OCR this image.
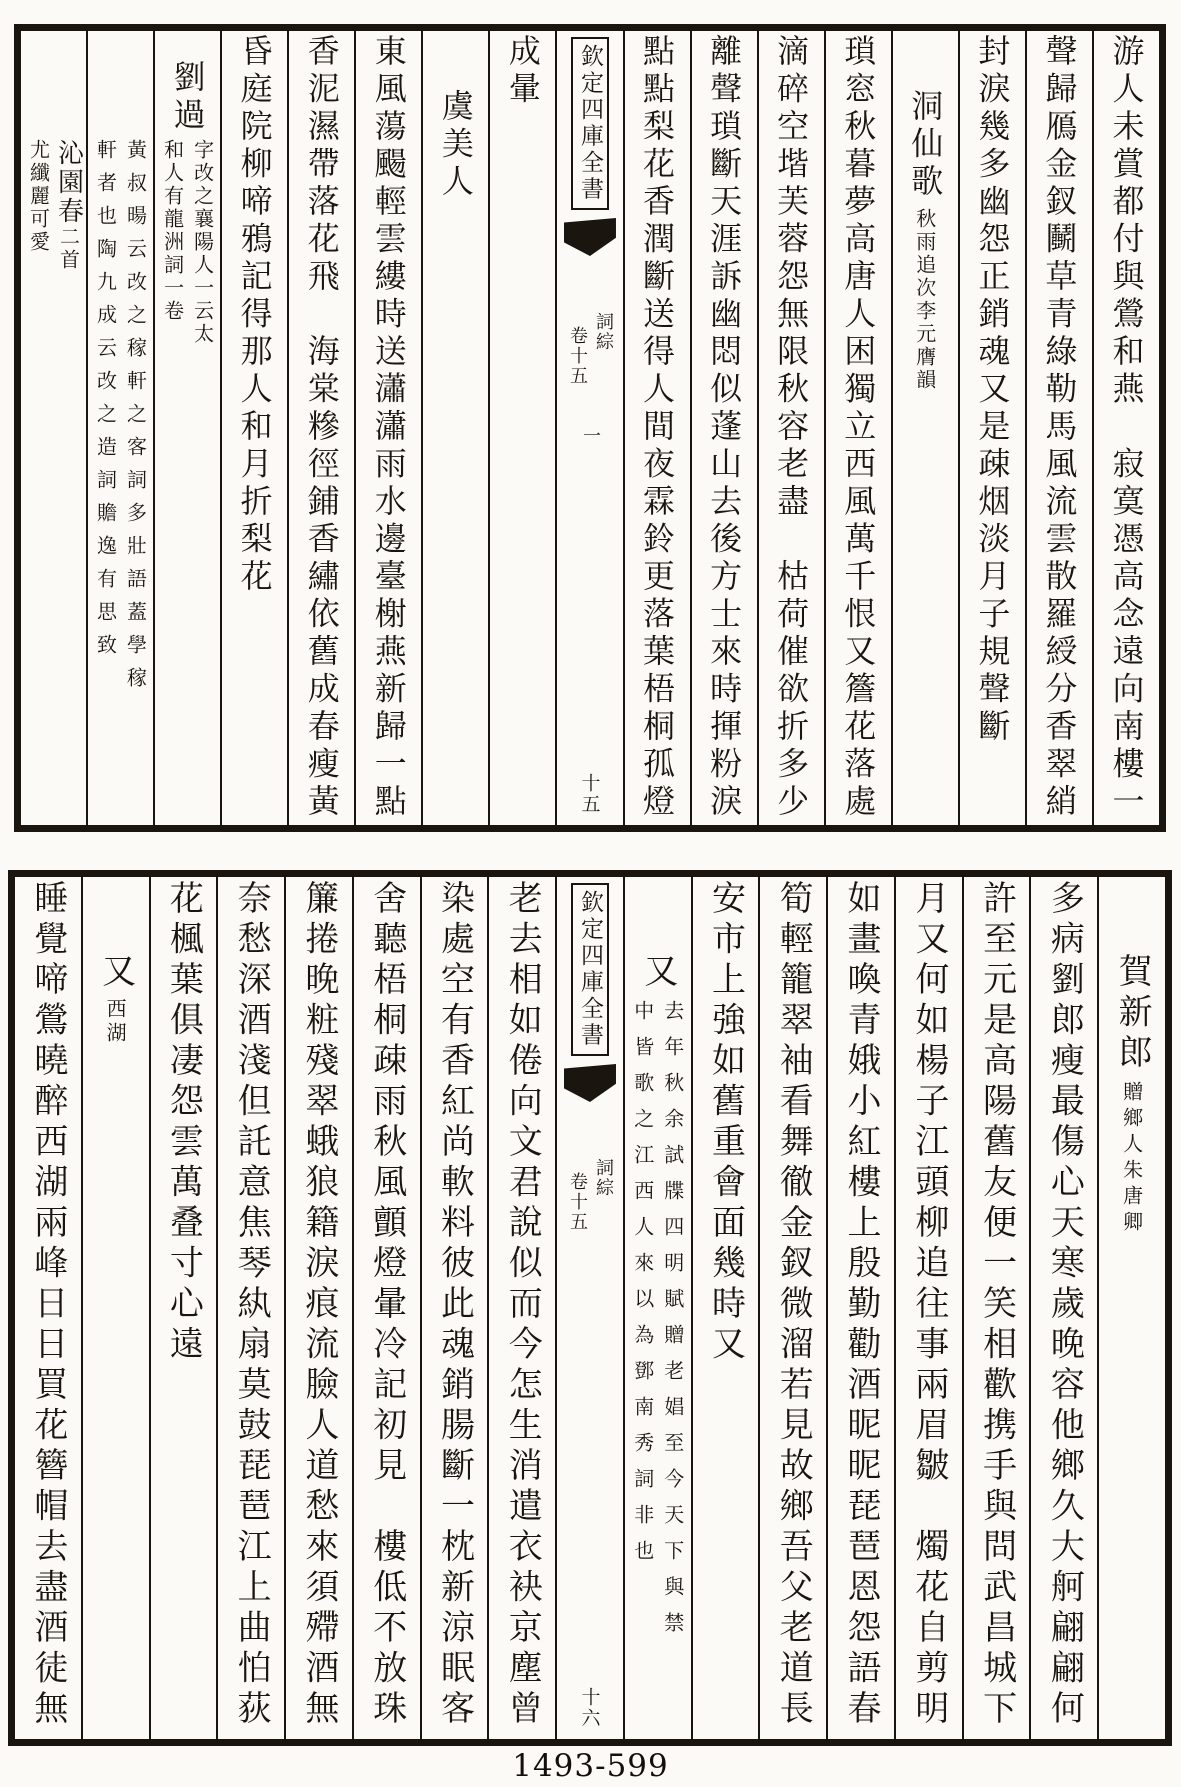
游人未賞都付與鶯和燕　寂寞憑高念遠向南樓一
聲歸鴈金釵鬭草青綠勒馬風流雲散羅綬分香翠綃
封淚幾多幽怨正銷魂又是疎烟淡月子規聲斷
洞仙歌
秋雨追次李元膺韻
瑣窓秋暮夢高唐人困獨立西風萬千恨又簷花落處
滴碎空堦芙蓉怨無限秋容老盡　枯荷催欲折多少
離聲瑣斷天涯訴幽悶似蓬山去後方士來時揮粉淚
點點梨花香潤斷送得人間夜霖鈴更落葉梧桐孤燈
欽定四庫全書
詞綜
卷十五
一
十五
成暈
虞美人
東風蕩颺輕雲縷時送瀟瀟雨水邊臺榭燕新歸一點
香泥濕帶落花飛　海棠糝徑鋪香繡依舊成春瘦黃
昏庭院柳啼鴉記得那人和月折梨花
劉過
字改之襄陽人一云太
和人有龍洲詞一卷
黃叔暘云改之稼軒之客詞多壯語蓋學稼
軒者也陶九成云改之造詞贍逸有思致
沁園春二首
尤纖麗可愛
賀新郎
贈鄉人朱唐卿
多病劉郎瘦最傷心天寒歲晚容他鄉久大舸翩翩何
許至元是高陽舊友便一笑相歡携手與問武昌城下
月又何如楊子江頭柳追往事兩眉皺　燭花自剪明
如畫喚青娥小紅樓上殷勤勸酒昵昵琵琶恩怨語春
筍輕籠翠袖看舞徹金釵微溜若見故鄉吾父老道長
安市上強如舊重會面幾時又
又
去年秋余試牒四明賦贈老娼至今天下與禁
中皆歌之江西人來以為鄧南秀詞非也
欽定四庫全書
詞綜
卷十五
十六
老去相如倦向文君說似而今怎生消遣衣袂京塵曾
染處空有香紅尚軟料彼此魂銷腸斷一枕新涼眠客
舍聽梧桐疎雨秋風顫燈暈冷記初見　樓低不放珠
簾捲晚粧殘翠蛾狼籍淚痕流臉人道愁來須殢酒無
奈愁深酒淺但託意焦琴紈扇莫鼓琵琶江上曲怕荻
花楓葉俱凄怨雲萬叠寸心遠
又
西湖
睡覺啼鶯曉醉西湖兩峰日日買花簪帽去盡酒徒無
1493-599
